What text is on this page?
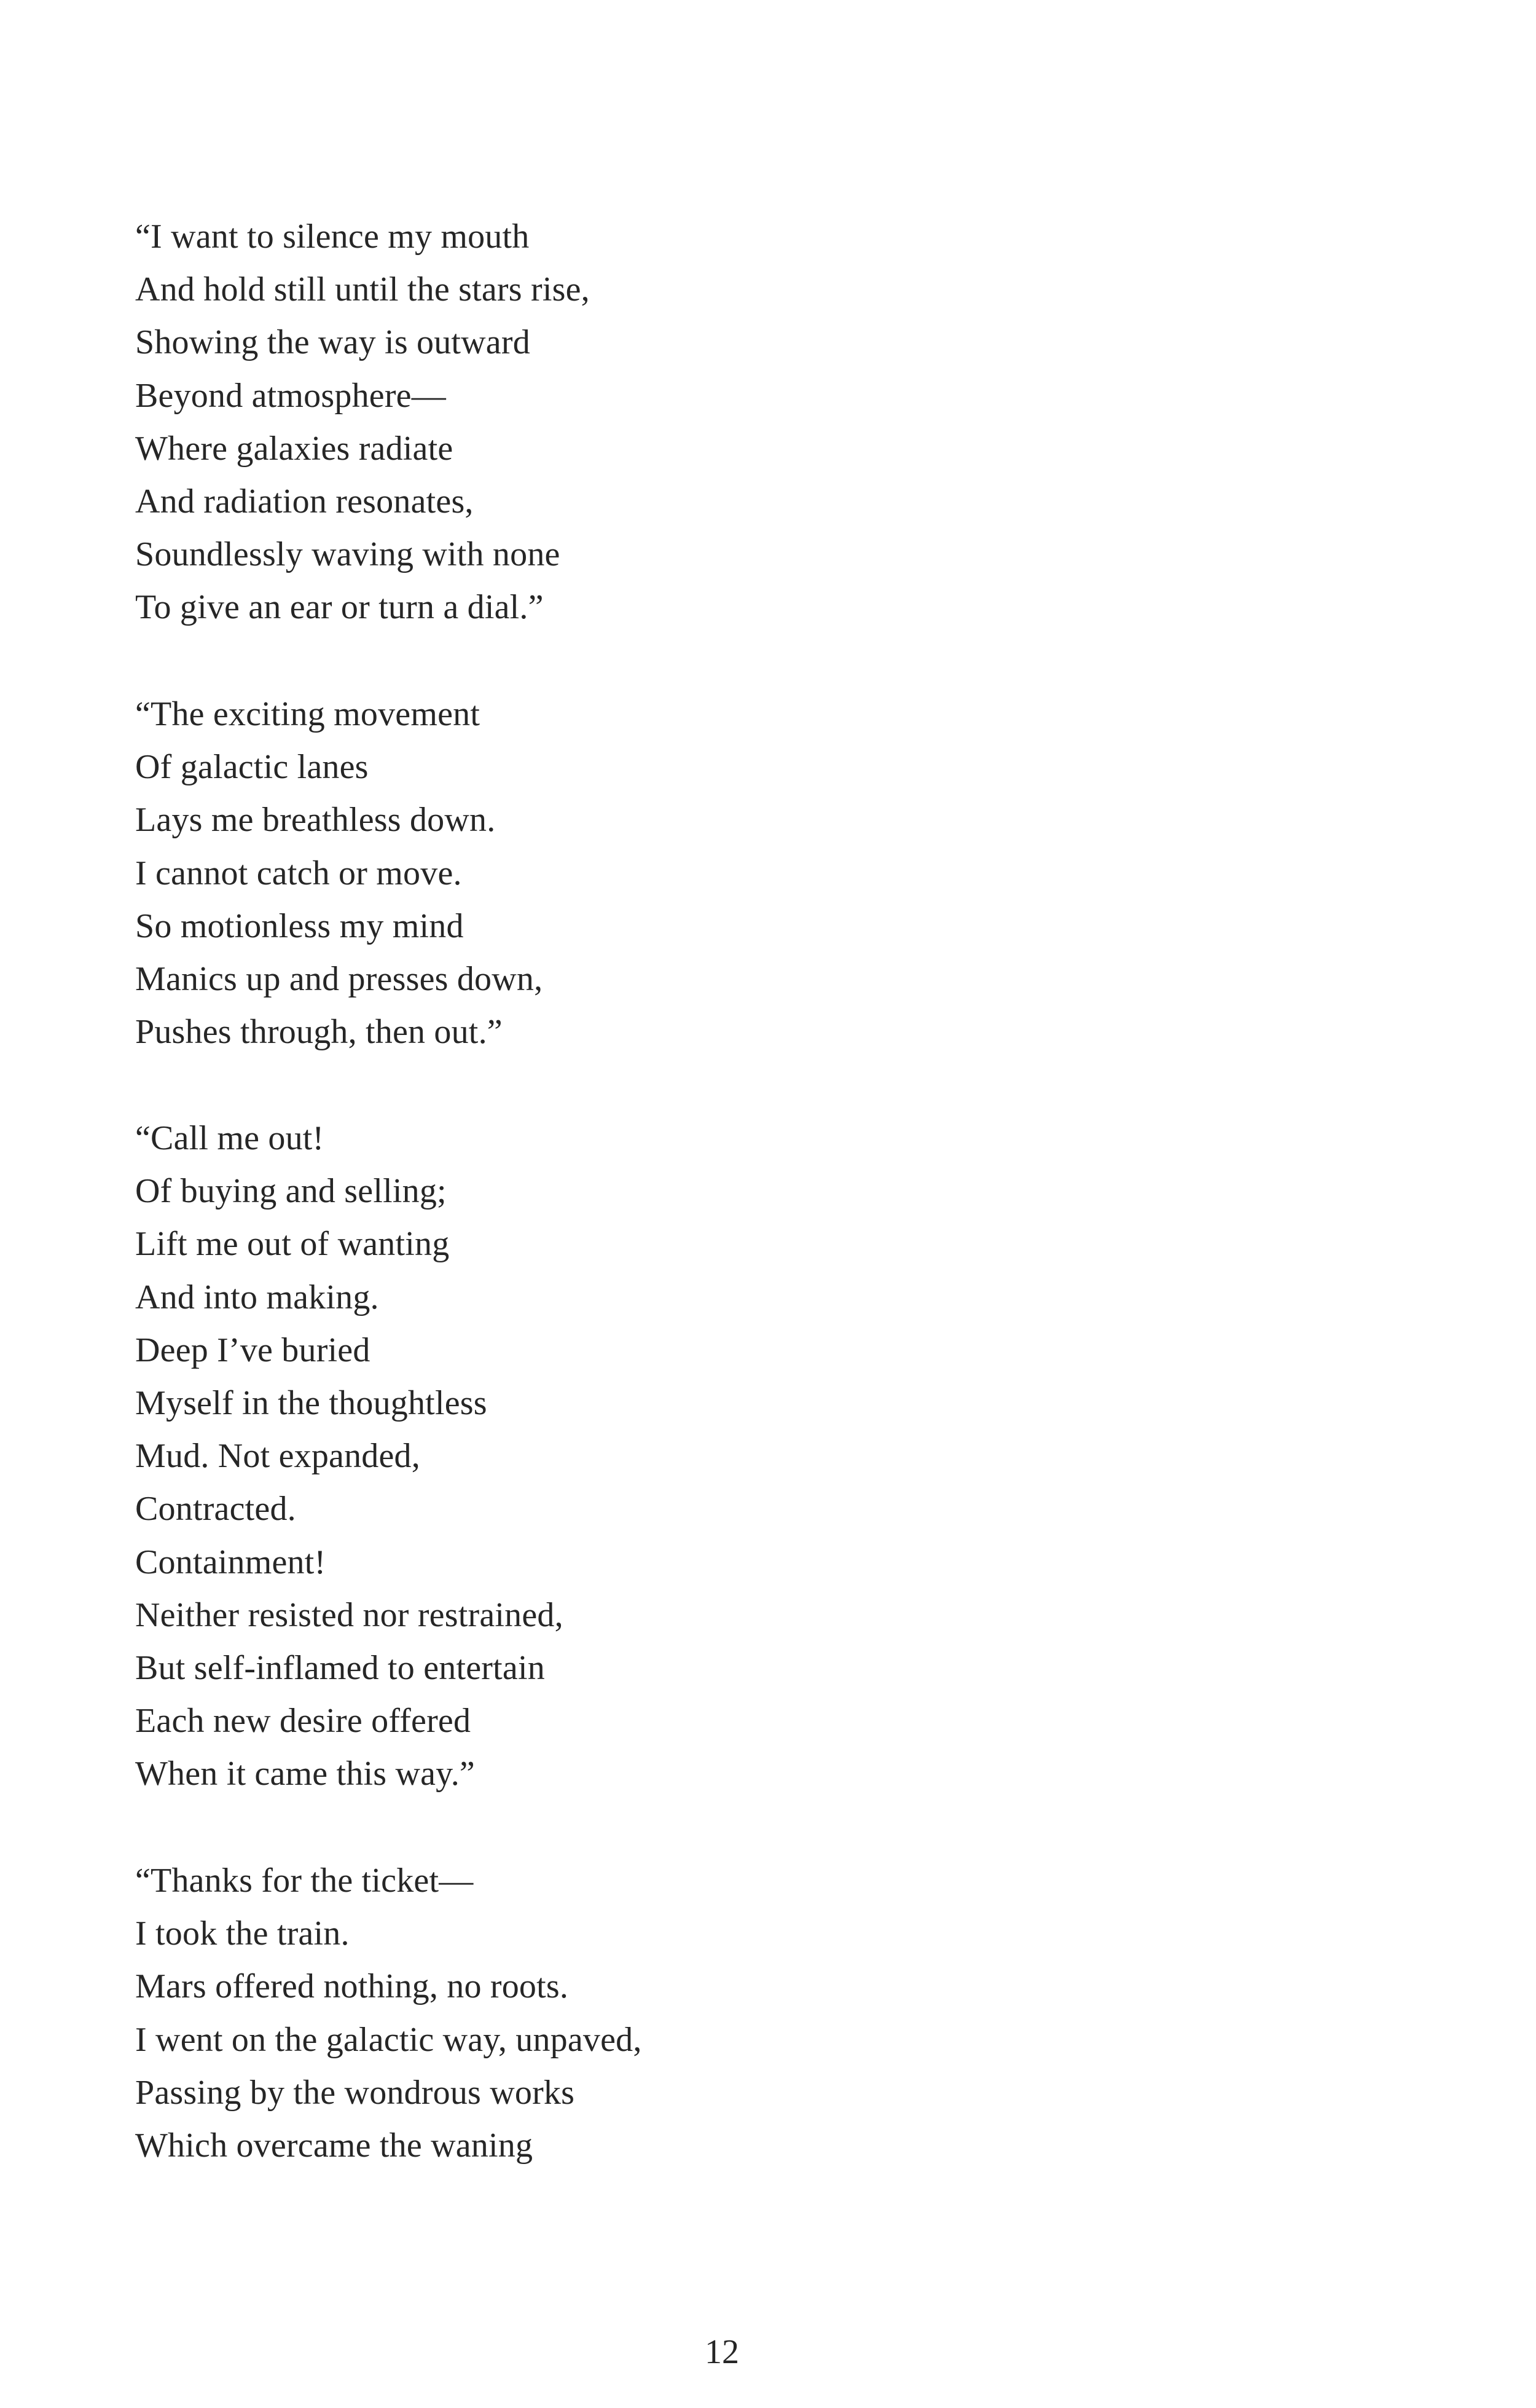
“I want to silence my mouth
And hold still until the stars rise,
Showing the way is outward
Beyond atmosphere—
Where galaxies radiate
And radiation resonates,
Soundlessly waving with none
To give an ear or turn a dial.”
“The exciting movement
Of galactic lanes
Lays me breathless down.
I cannot catch or move.
So motionless my mind
Manics up and presses down,
Pushes through, then out.”
“Call me out!
Of buying and selling;
Lift me out of wanting
And into making.
Deep I’ve buried
Myself in the thoughtless
Mud. Not expanded,
Contracted.
Containment!
Neither resisted nor restrained,
But self-inflamed to entertain
Each new desire offered
When it came this way.”
“Thanks for the ticket—
I took the train.
Mars offered nothing, no roots.
I went on the galactic way, unpaved,
Passing by the wondrous works
Which overcame the waning
12
